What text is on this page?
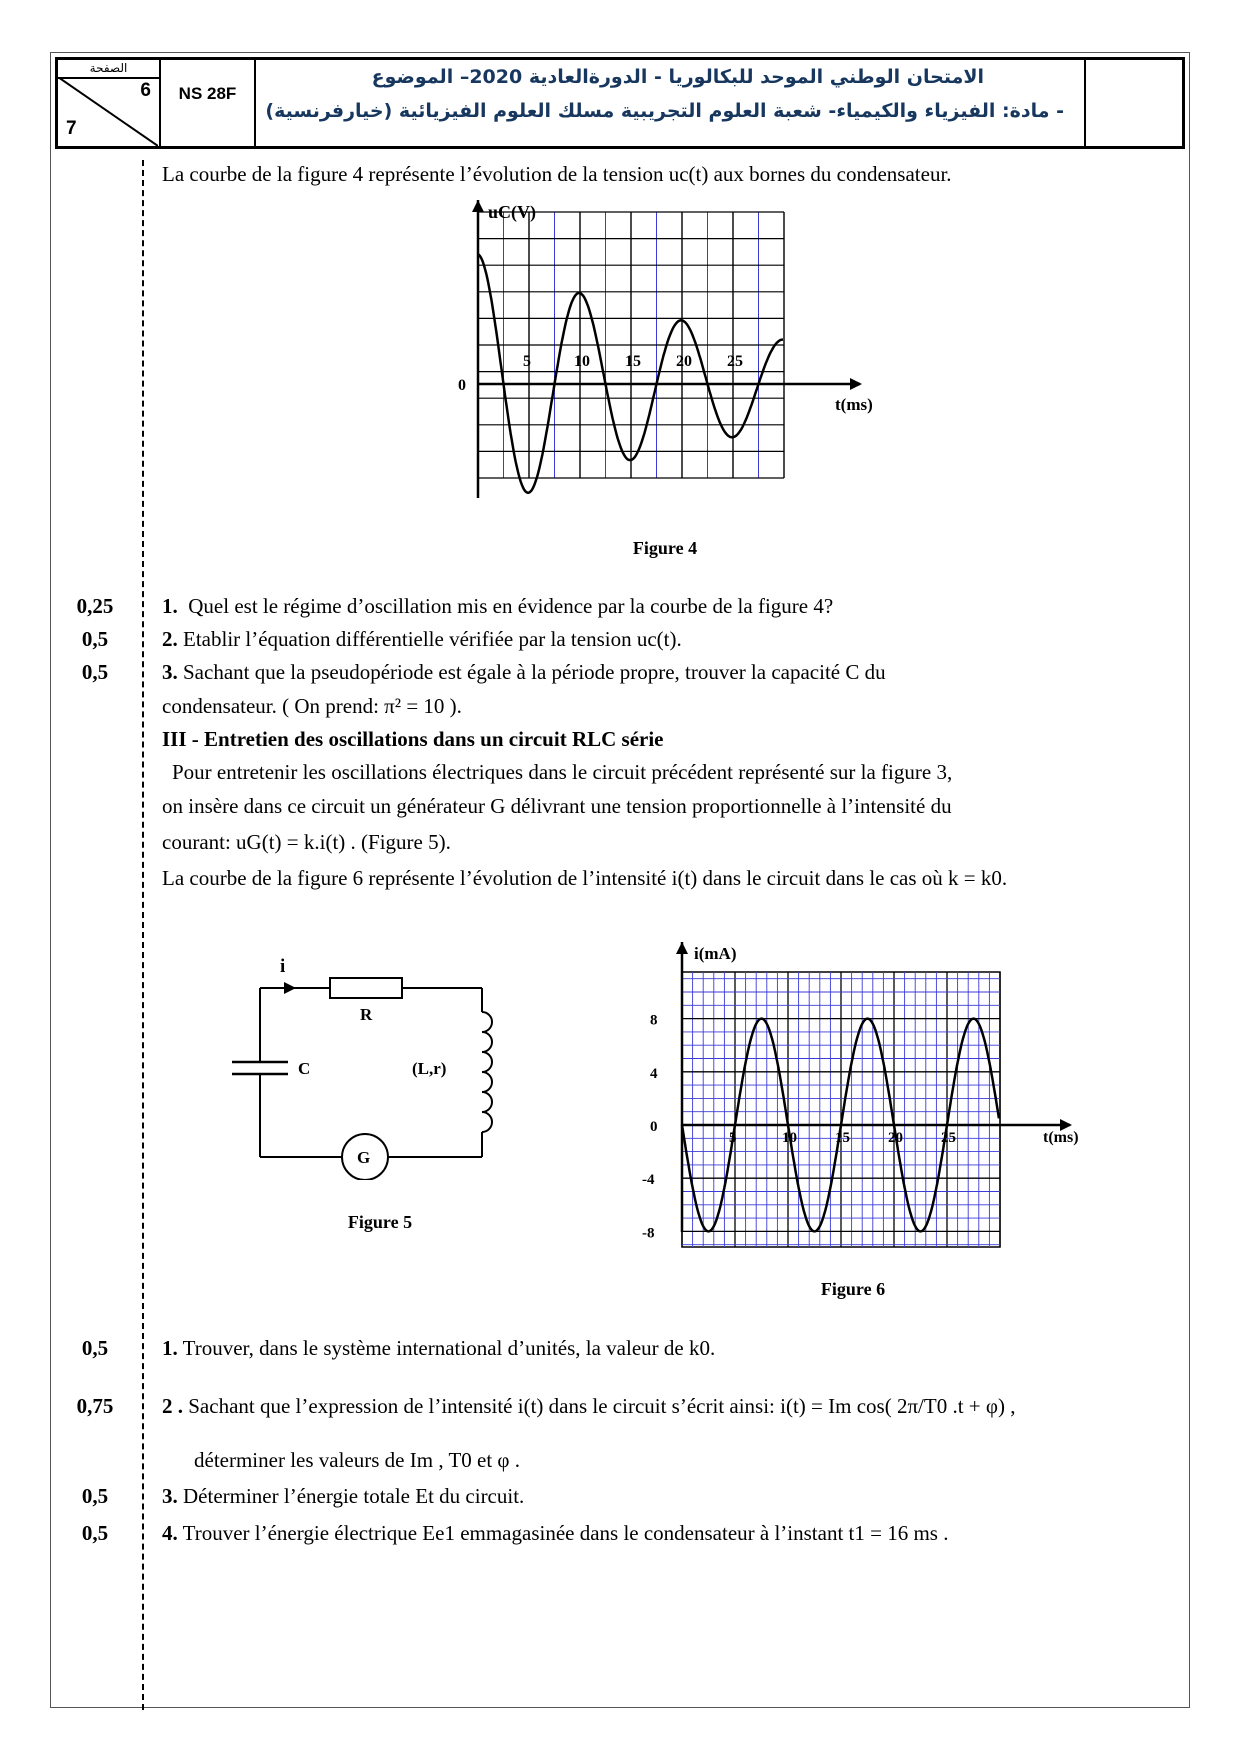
الصفحة
6
7
NS 28F
الامتحان الوطني الموحد للبكالوريا - الدورةالعادية 2020– الموضوع
- مادة: الفيزياء والكيمياء- شعبة العلوم التجريبية مسلك العلوم الفيزيائية (خيارفرنسية)
La courbe de la figure 4 représente l’évolution de la tension uc(t) aux bornes du condensateur.
uC(V)
t(ms)
0
5	10 15 20 25
Figure 4
0,25	1. Quel est le régime d’oscillation mis en évidence par la courbe de la figure 4?
0,5	2. Etablir l’équation différentielle vérifiée par la tension uc(t).
0,5	3. Sachant que la pseudopériode est égale à la période propre, trouver la capacité C du
condensateur. ( On prend: π² = 10 ).
III - Entretien des oscillations dans un circuit RLC série
Pour entretenir les oscillations électriques dans le circuit précédent représenté sur la figure 3,
on insère dans ce circuit un générateur G délivrant une tension proportionnelle à l’intensité du
courant: uG(t) = k.i(t) . (Figure 5).
La courbe de la figure 6 représente l’évolution de l’intensité i(t) dans le circuit dans le cas où k = k0.
i
R
C	(L,r)
G
Figure 5
i(mA)
t(ms)
8
4
0
-4
-8
5	10	15	20	25
Figure 6
0,5	1. Trouver, dans le système international d’unités, la valeur de k0.
0,75	2 . Sachant que l’expression de l’intensité i(t) dans le circuit s’écrit ainsi: i(t) = Im cos( 2π/T0 .t + φ) ,
déterminer les valeurs de Im , T0 et φ .
0,5	3. Déterminer l’énergie totale Et du circuit.
0,5	4. Trouver l’énergie électrique Ee1 emmagasinée dans le condensateur à l’instant t1 = 16 ms .
